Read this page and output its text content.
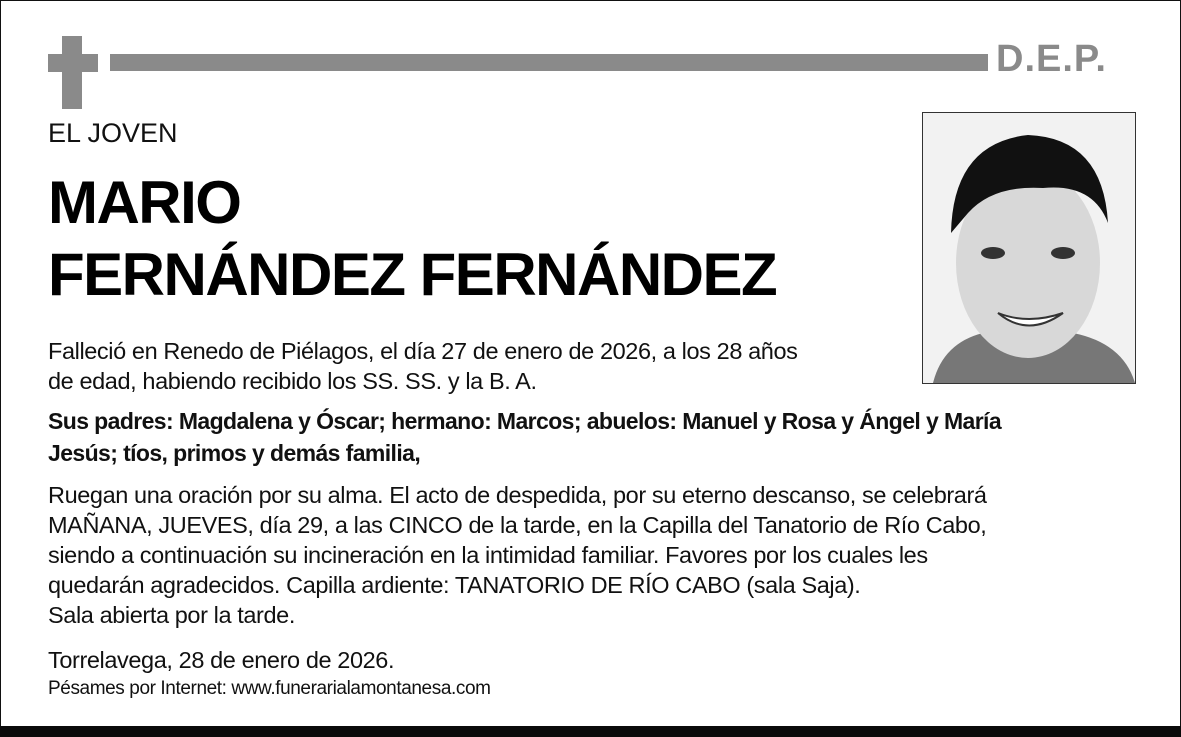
D.E.P.
EL JOVEN
MARIO
FERNÁNDEZ FERNÁNDEZ
Falleció en Renedo de Piélagos, el día 27 de enero de 2026, a los 28 años
de edad, habiendo recibido los SS. SS. y la B. A.
Sus padres: Magdalena y Óscar; hermano: Marcos; abuelos: Manuel y Rosa y Ángel y María
Jesús; tíos, primos y demás familia,
Ruegan una oración por su alma. El acto de despedida, por su eterno descanso, se celebrará
MAÑANA, JUEVES, día 29, a las CINCO de la tarde, en la Capilla del Tanatorio de Río Cabo,
siendo a continuación su incineración en la intimidad familiar. Favores por los cuales les
quedarán agradecidos. Capilla ardiente: TANATORIO DE RÍO CABO (sala Saja).
Sala abierta por la tarde.
Torrelavega, 28 de enero de 2026.
Pésames por Internet: www.funerarialamontanesa.com
